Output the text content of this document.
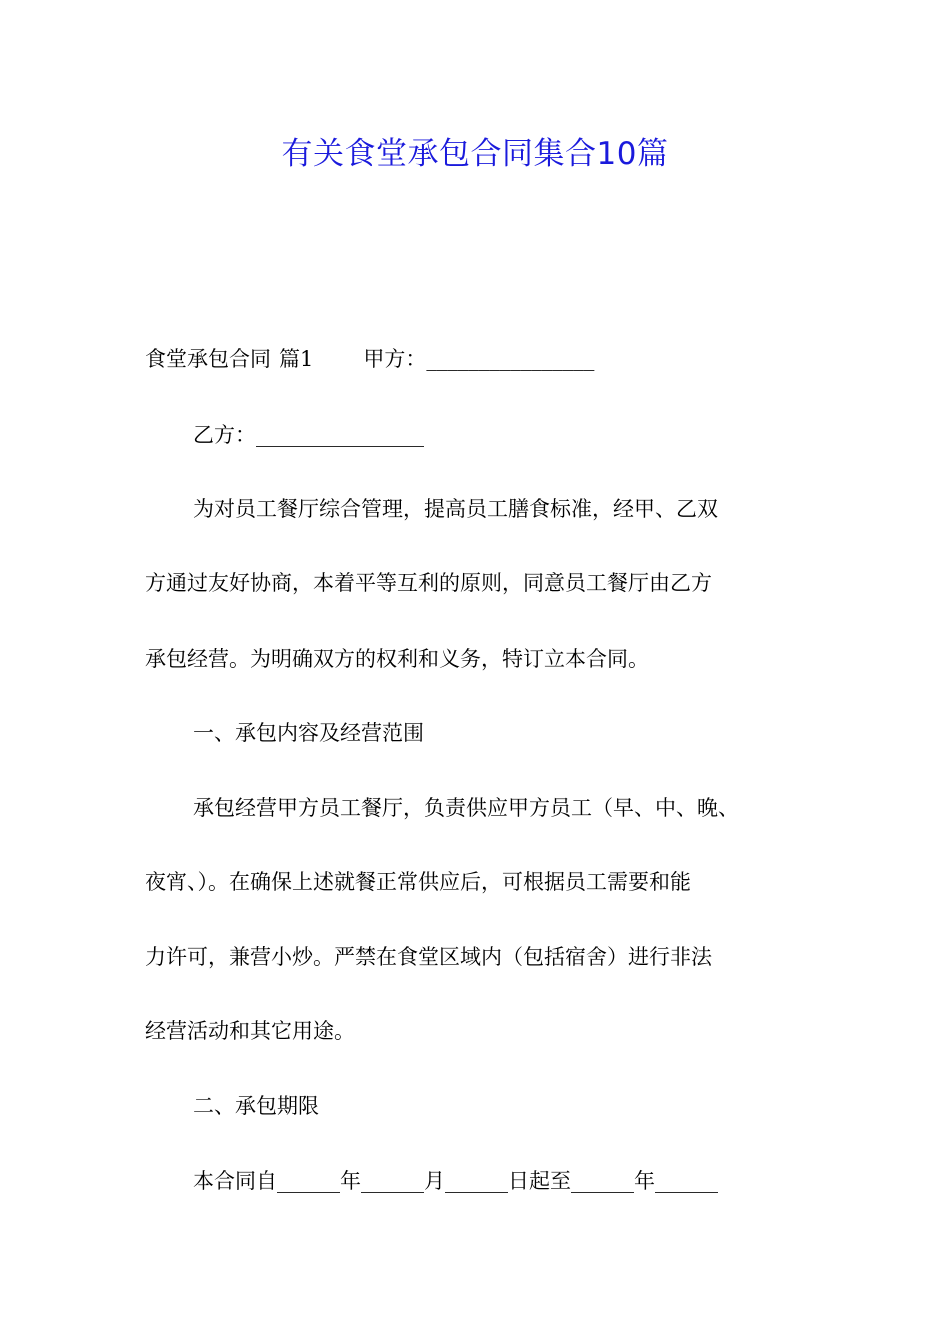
有关食堂承包合同集合10篇
食堂承包合同 篇1 甲方：________________
乙方：________________
为对员工餐厅综合管理，提高员工膳食标准，经甲、乙双
方通过友好协商，本着平等互利的原则，同意员工餐厅由乙方
承包经营。为明确双方的权利和义务，特订立本合同。
一、承包内容及经营范围
承包经营甲方员工餐厅，负责供应甲方员工（早、中、晚、
夜宵、）。在确保上述就餐正常供应后，可根据员工需要和能
力许可，兼营小炒。严禁在食堂区域内（包括宿舍）进行非法
经营活动和其它用途。
二、承包期限
本合同自______年______月______日起至______年______
